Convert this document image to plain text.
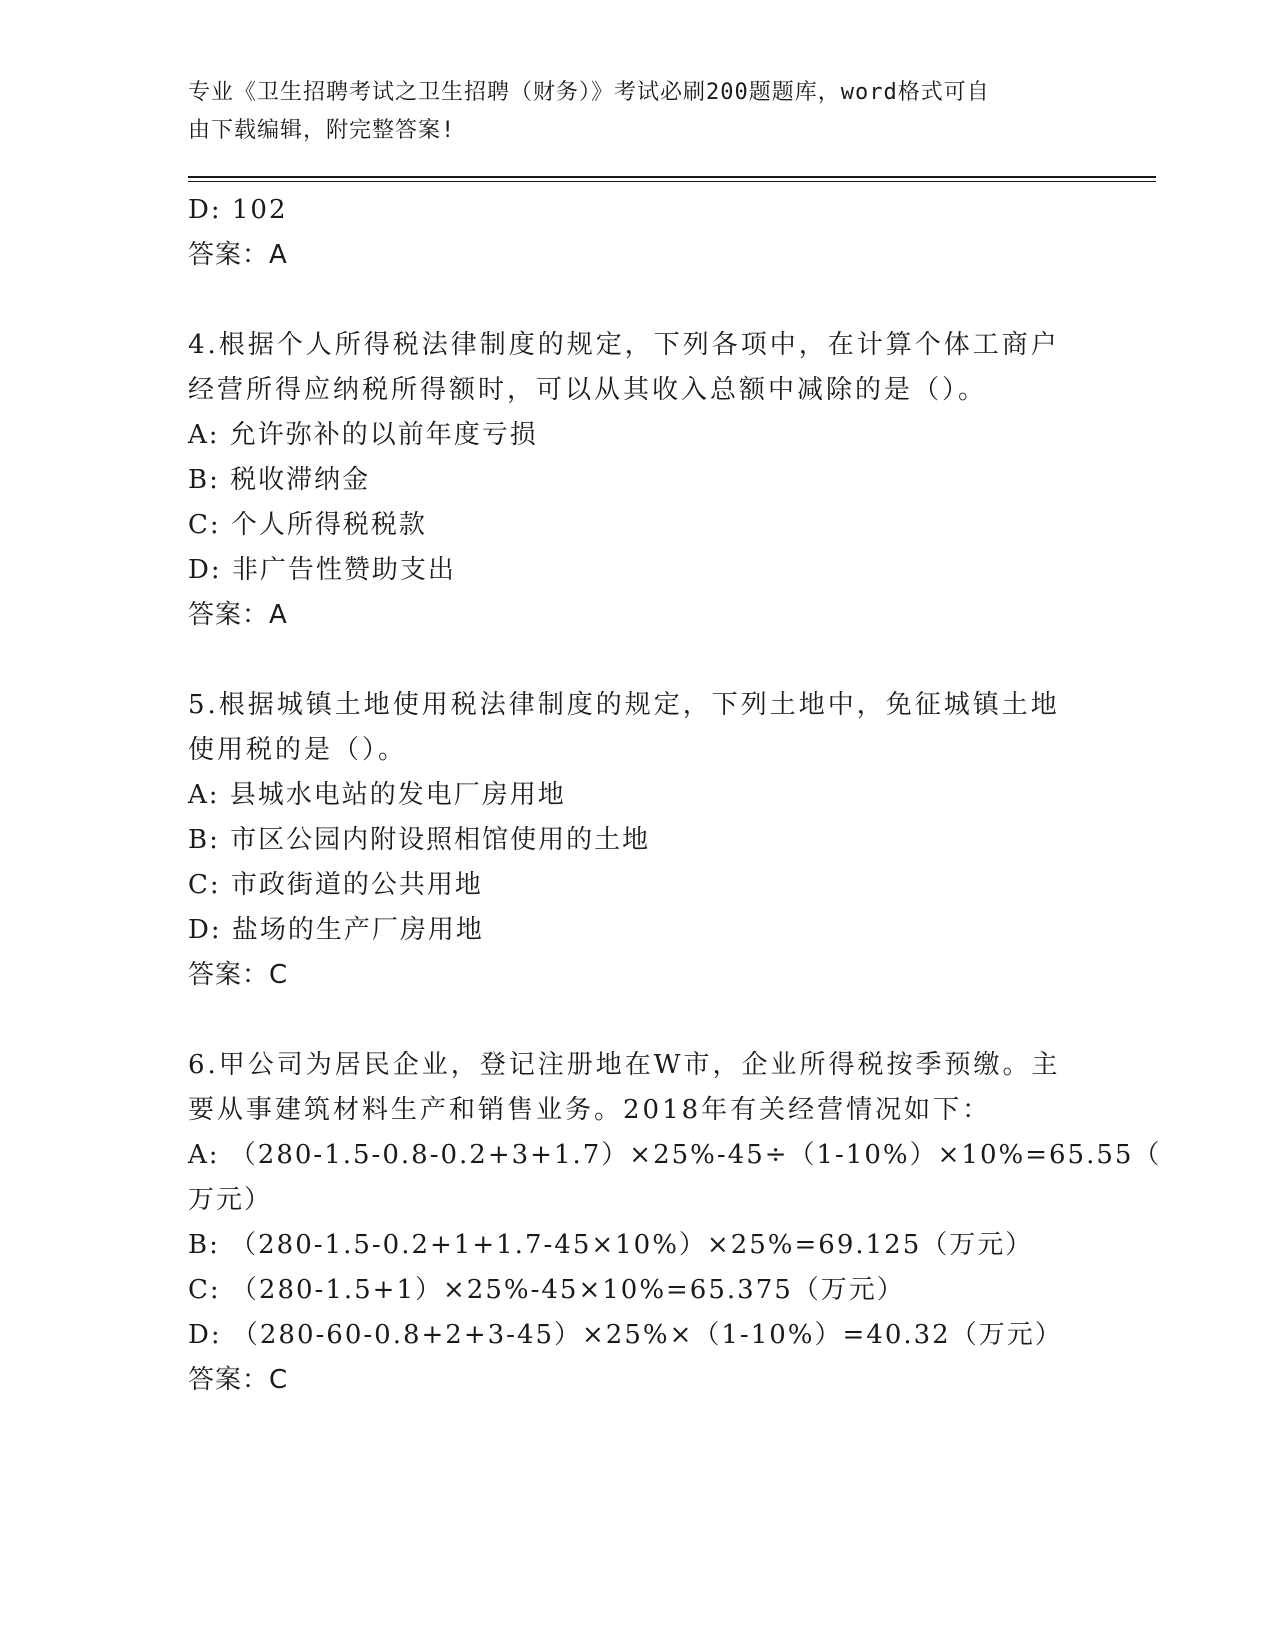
专业《卫生招聘考试之卫生招聘（财务）》考试必刷200题题库，word格式可自
由下载编辑，附完整答案!
D: 102
答案：A
4.根据个人所得税法律制度的规定，下列各项中，在计算个体工商户
经营所得应纳税所得额时，可以从其收入总额中减除的是（）。
A: 允许弥补的以前年度亏损
B: 税收滞纳金
C: 个人所得税税款
D: 非广告性赞助支出
答案：A
5.根据城镇土地使用税法律制度的规定，下列土地中，免征城镇土地
使用税的是（）。
A: 县城水电站的发电厂房用地
B: 市区公园内附设照相馆使用的土地
C: 市政街道的公共用地
D: 盐场的生产厂房用地
答案：C
6.甲公司为居民企业，登记注册地在W市，企业所得税按季预缴。主
要从事建筑材料生产和销售业务。2018年有关经营情况如下：
A: （280-1.5-0.8-0.2+3+1.7）×25%-45÷（1-10%）×10%=65.55（
万元）
B: （280-1.5-0.2+1+1.7-45×10%）×25%=69.125（万元）
C: （280-1.5+1）×25%-45×10%=65.375（万元）
D: （280-60-0.8+2+3-45）×25%×（1-10%）=40.32（万元）
答案：C
